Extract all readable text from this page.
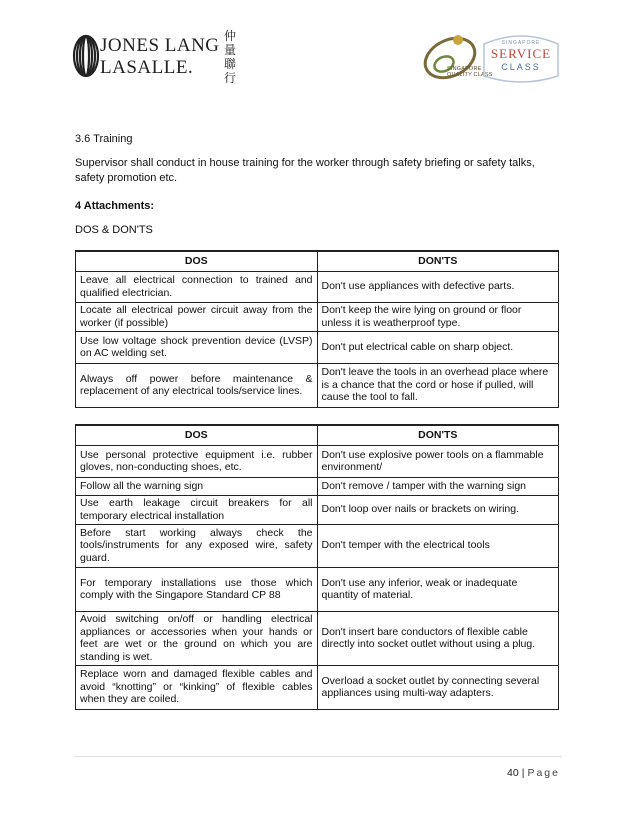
JONES LANG
LASALLE.
仲
量
聯
行
SINGAPORE
QUALITY CLASS
SINGAPORE
SERVICE
CLASS
3.6 Training
Supervisor shall conduct in house training for the worker through safety briefing or safety talks, safety promotion etc.
4 Attachments:
DOS & DON'TS
DOS	DON'TS
Leave all electrical connection to trained and qualified electrician.	Don't use appliances with defective parts.
Locate all electrical power circuit away from the worker (if possible)	Don't keep the wire lying on ground or floor unless it is weatherproof type.
Use low voltage shock prevention device (LVSP) on AC welding set.	Don't put electrical cable on sharp object.
Always off power before maintenance & replacement of any electrical tools/service lines.	Don't leave the tools in an overhead place where is a chance that the cord or hose if pulled, will cause the tool to fall.
DOS	DON'TS
Use personal protective equipment i.e. rubber gloves, non-conducting shoes, etc.	Don't use explosive power tools on a flammable environment/
Follow all the warning sign	Don't remove / tamper with the warning sign
Use earth leakage circuit breakers for all temporary electrical installation	Don't loop over nails or brackets on wiring.
Before start working always check the tools/instruments for any exposed wire, safety guard.	Don't temper with the electrical tools
For temporary installations use those which comply with the Singapore Standard CP 88	Don't use any inferior, weak or inadequate quantity of material.
Avoid switching on/off or handling electrical appliances or accessories when your hands or feet are wet or the ground on which you are standing is wet.	Don't insert bare conductors of flexible cable directly into socket outlet without using a plug.
Replace worn and damaged flexible cables and avoid “knotting” or “kinking” of flexible cables when they are coiled.	Overload a socket outlet by connecting several appliances using multi-way adapters.
40 | Page
